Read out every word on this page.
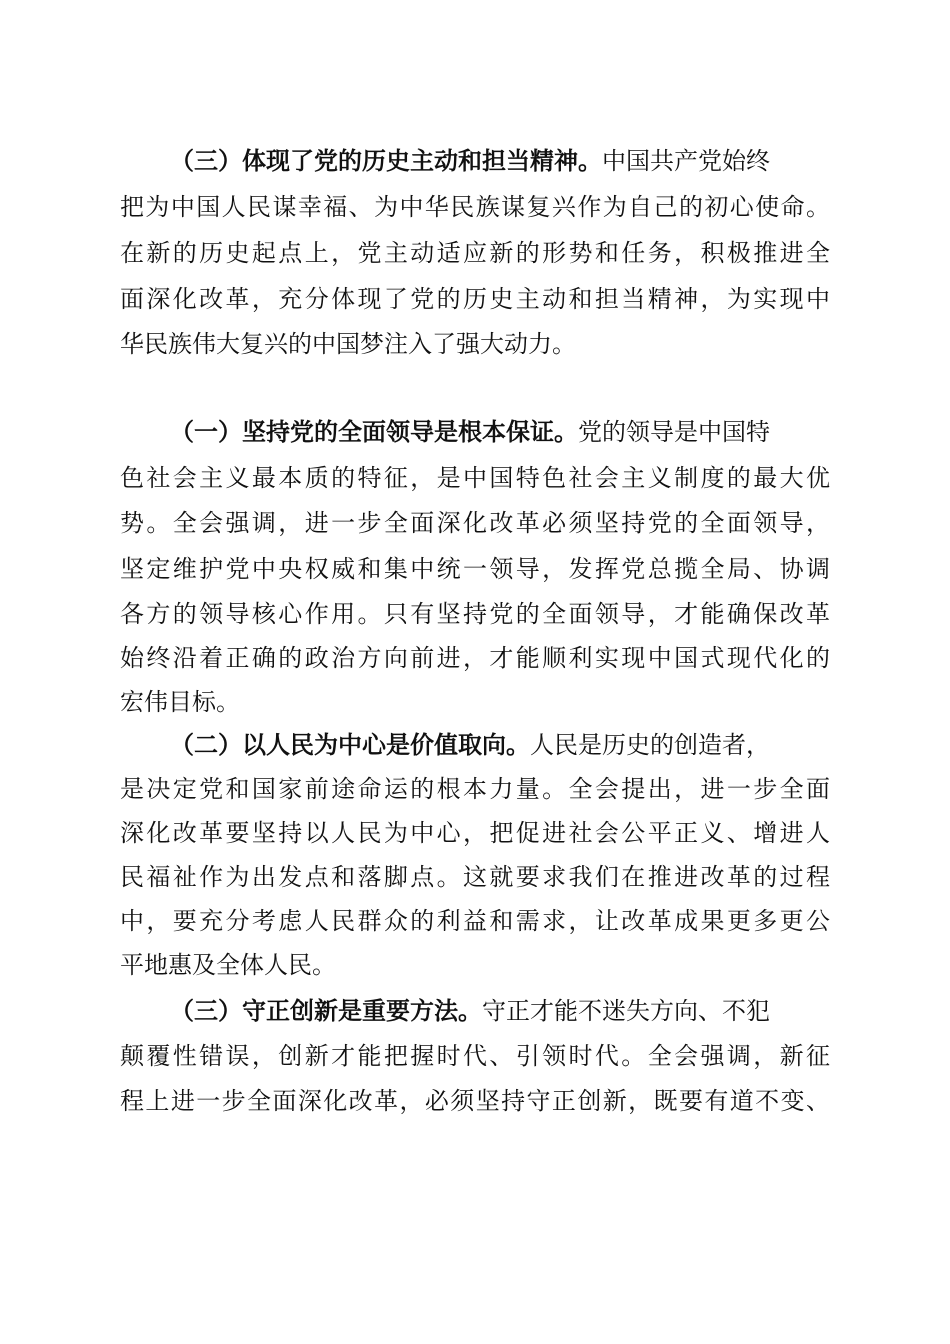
（三）体现了党的历史主动和担当精神。中国共产党始终
把为中国人民谋幸福、为中华民族谋复兴作为自己的初心使命。
在新的历史起点上，党主动适应新的形势和任务，积极推进全
面深化改革，充分体现了党的历史主动和担当精神，为实现中
华民族伟大复兴的中国梦注入了强大动力。
（一）坚持党的全面领导是根本保证。党的领导是中国特
色社会主义最本质的特征，是中国特色社会主义制度的最大优
势。全会强调，进一步全面深化改革必须坚持党的全面领导，
坚定维护党中央权威和集中统一领导，发挥党总揽全局、协调
各方的领导核心作用。只有坚持党的全面领导，才能确保改革
始终沿着正确的政治方向前进，才能顺利实现中国式现代化的
宏伟目标。
（二）以人民为中心是价值取向。人民是历史的创造者，
是决定党和国家前途命运的根本力量。全会提出，进一步全面
深化改革要坚持以人民为中心，把促进社会公平正义、增进人
民福祉作为出发点和落脚点。这就要求我们在推进改革的过程
中，要充分考虑人民群众的利益和需求，让改革成果更多更公
平地惠及全体人民。
（三）守正创新是重要方法。守正才能不迷失方向、不犯
颠覆性错误，创新才能把握时代、引领时代。全会强调，新征
程上进一步全面深化改革，必须坚持守正创新，既要有道不变、
